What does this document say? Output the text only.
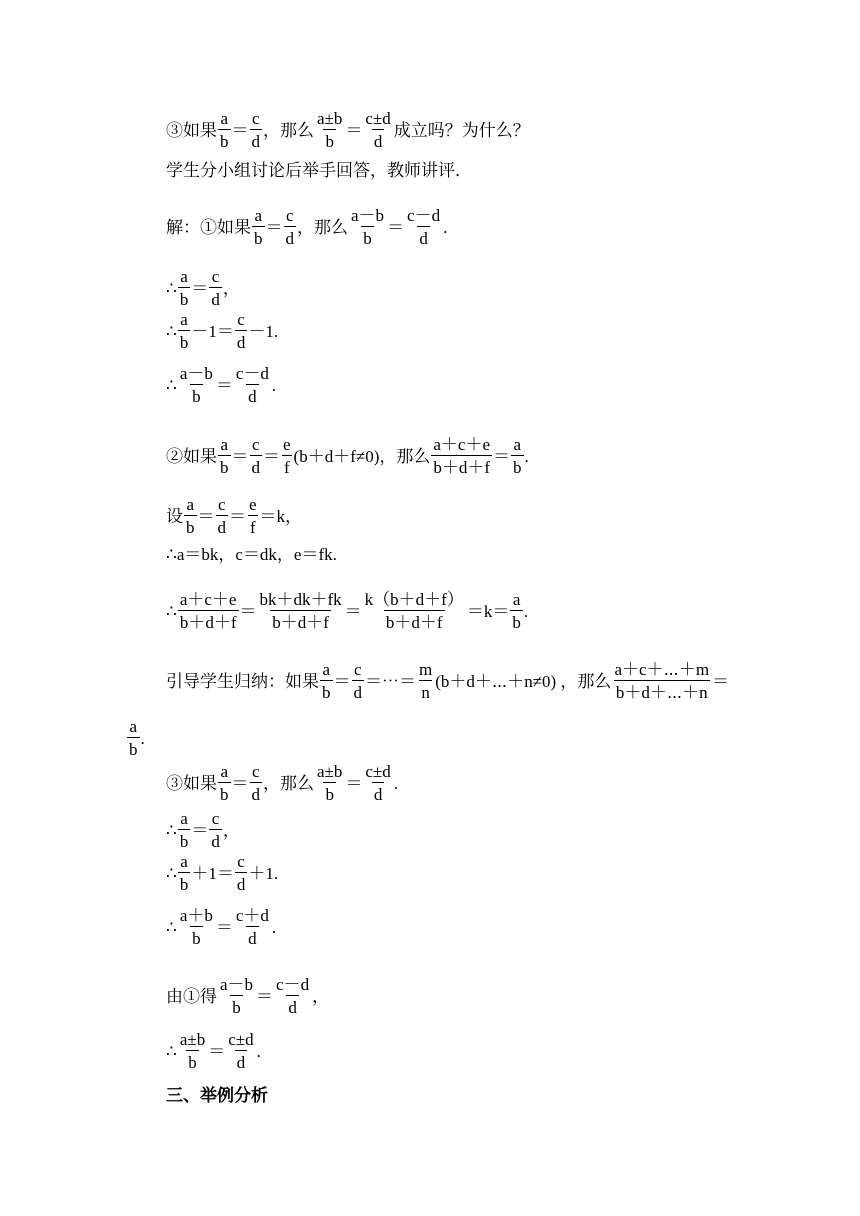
③如果 $\frac{a}{b} = \frac{c}{d}$ ，那么 $\frac{a\pm b}{b} = \frac{c\pm d}{d}$ 成立吗？为什么？
学生分小组讨论后举手回答，教师讲评．
解：①如果 $\frac{a}{b} = \frac{c}{d}$ ，那么 $\frac{a-b}{b} = \frac{c-d}{d}$ .
∴ $\frac{a}{b} = \frac{c}{d}$ ，
∴ $\frac{a}{b} -1= \frac{c}{d} -1$.
∴ $\frac{a-b}{b} = \frac{c-d}{d}$ .
②如果 $\frac{a}{b} = \frac{c}{d} = \frac{e}{f} (b+d+f\ne 0)$，那么 $\frac{a+c+e}{b+d+f} = \frac{a}{b}$ .
设 $\frac{a}{b} = \frac{c}{d} = \frac{e}{f} =k$，
∴a＝bk，c＝dk，e＝fk.
∴ $\frac{a+c+e}{b+d+f} = \frac{bk+dk+fk}{b+d+f} = \frac{k(b+d+f)}{b+d+f} =k= \frac{a}{b}$ .
引导学生归纳：如果 $\frac{a}{b} = \frac{c}{d}$ ＝⋯＝ $\frac{m}{n}$ (b＋d＋⋯＋n≠0) ，那么 $\frac{a+c+\cdots+m}{b+d+\cdots+n}$ ＝
$\frac{a}{b}$ .
③如果 $\frac{a}{b} = \frac{c}{d}$ ，那么 $\frac{a\pm b}{b} = \frac{c\pm d}{d}$ .
∴ $\frac{a}{b} = \frac{c}{d}$ ，
∴ $\frac{a}{b} +1= \frac{c}{d} +1$.
∴ $\frac{a+b}{b} = \frac{c+d}{d}$ .
由①得 $\frac{a-b}{b} = \frac{c-d}{d}$ ，
∴ $\frac{a\pm b}{b} = \frac{c\pm d}{d}$ .
三、举例分析
